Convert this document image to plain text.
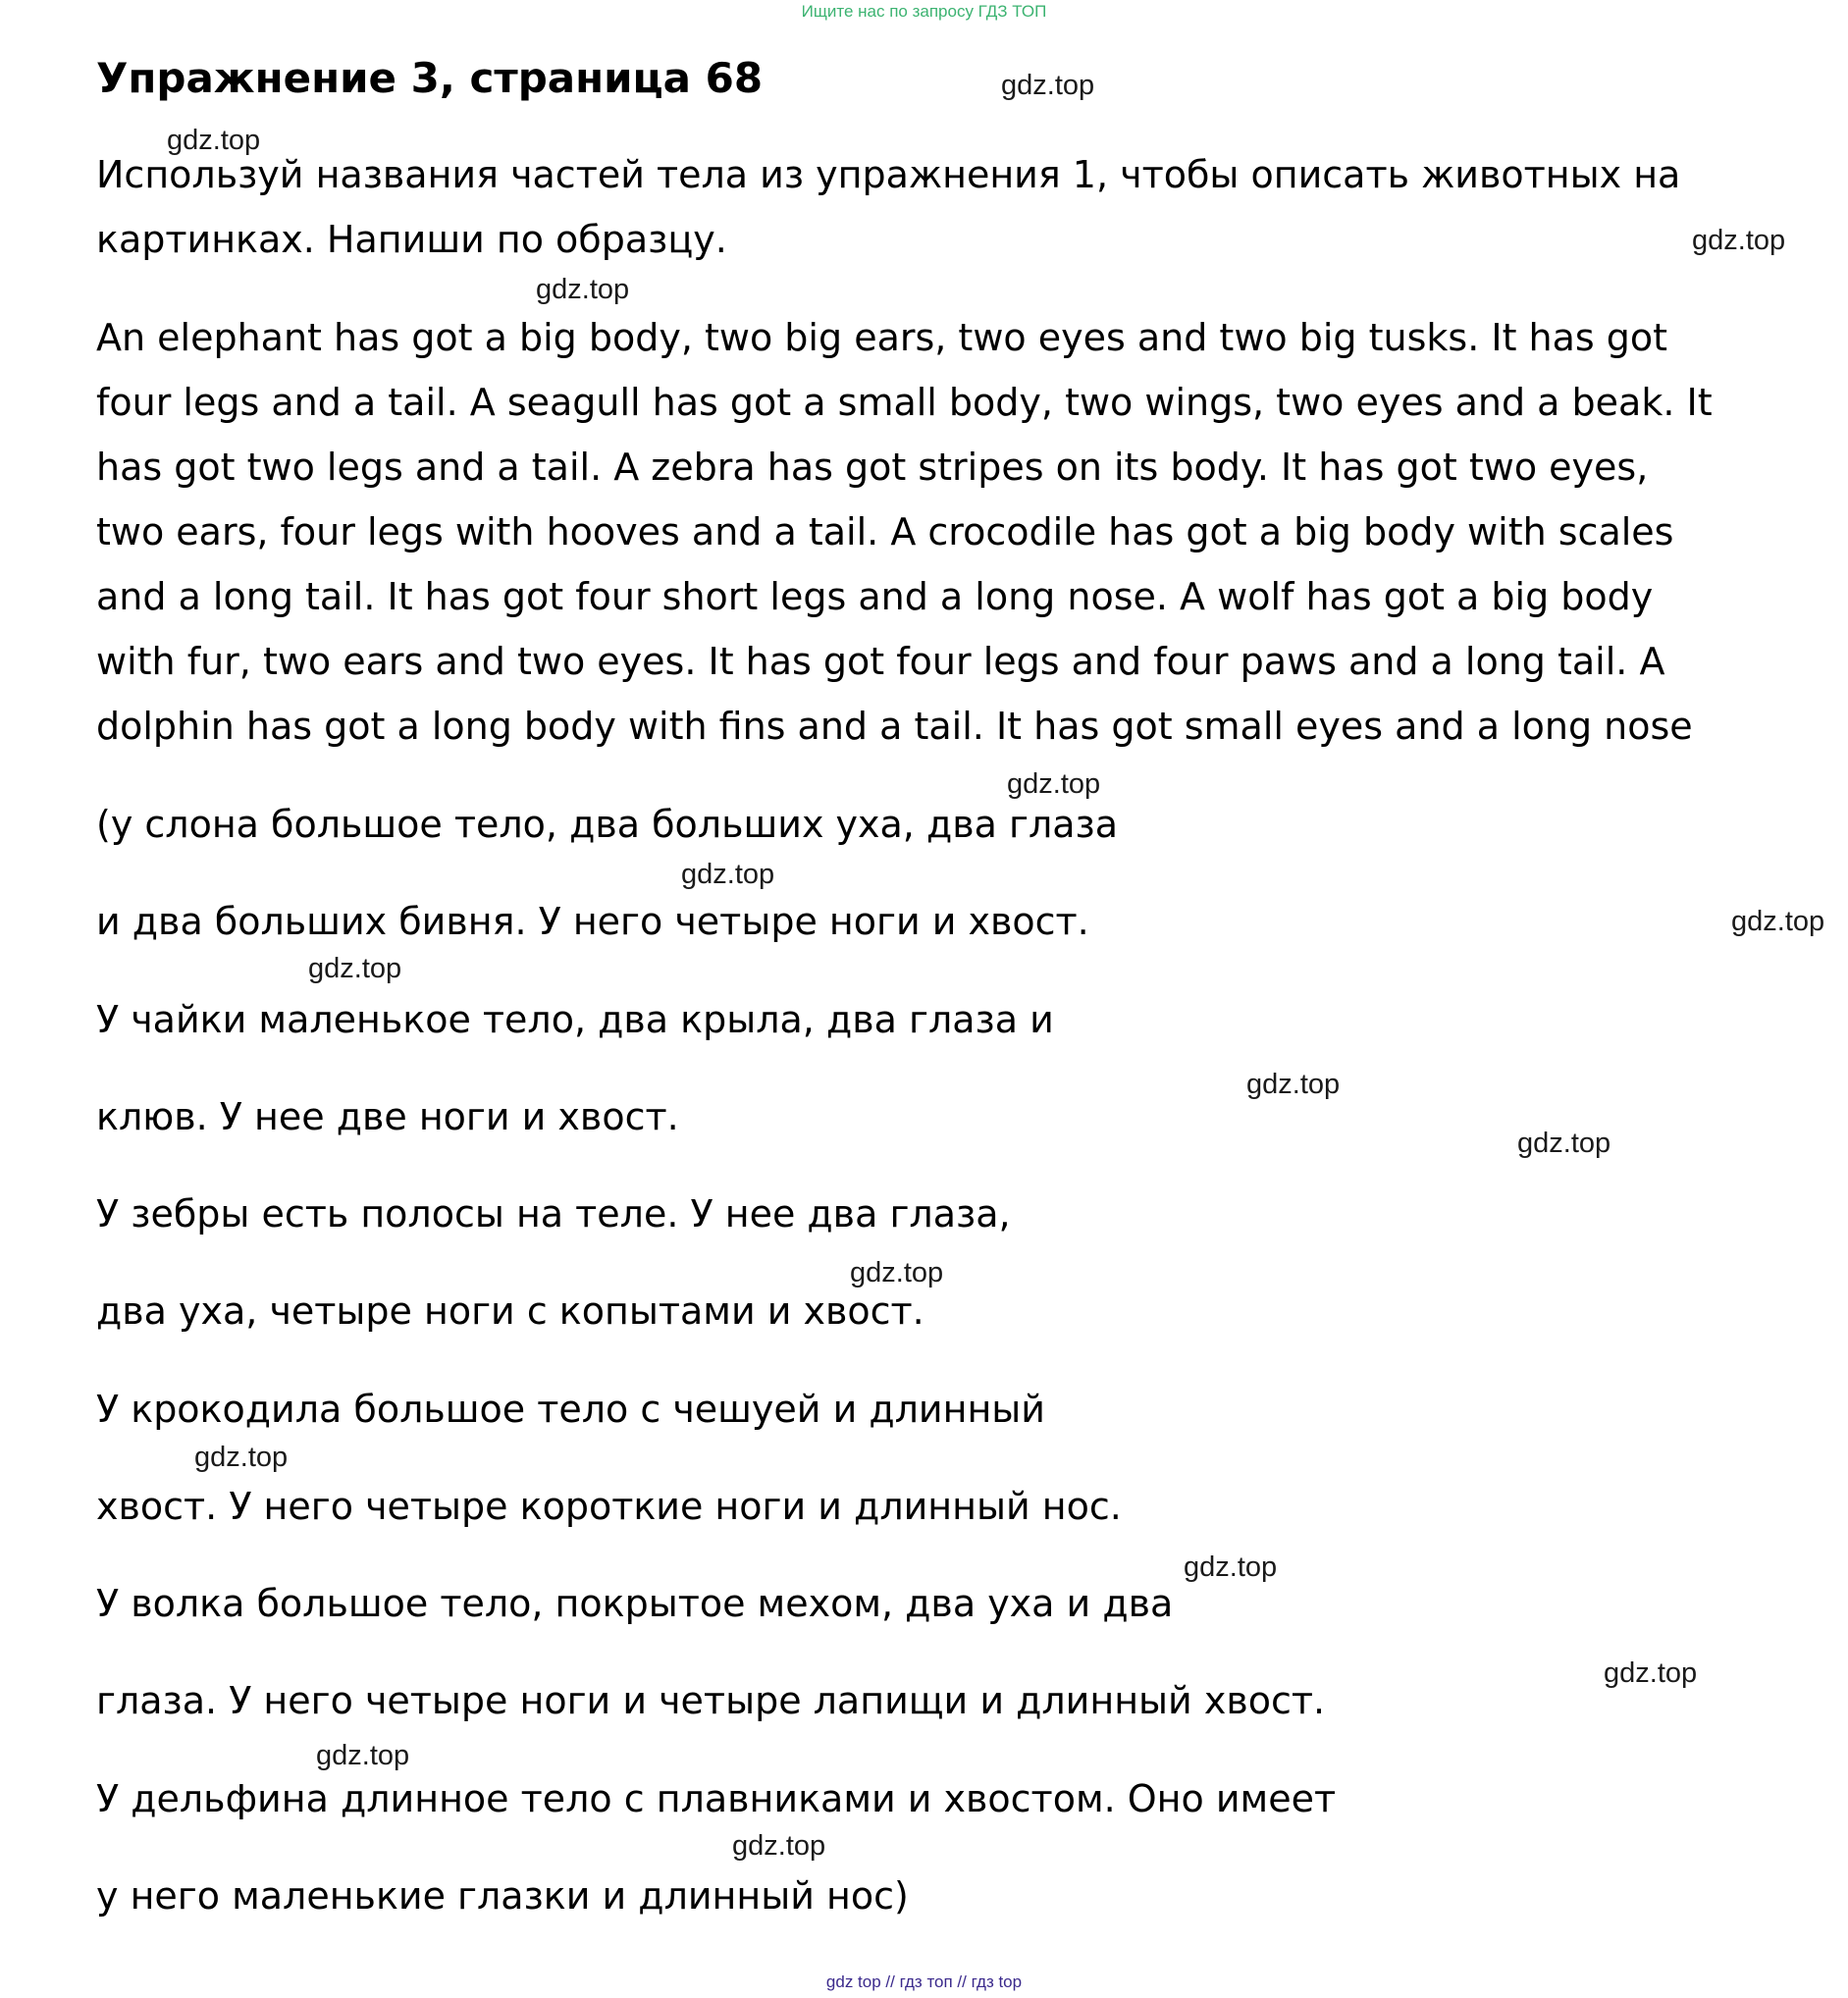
Ищите нас по запросу ГДЗ ТОП
Упражнение 3, страница 68
Используй названия частей тела из упражнения 1, чтобы описать животных на
картинках. Напиши по образцу.
An elephant has got a big body, two big ears, two eyes and two big tusks. It has got
four legs and a tail. A seagull has got a small body, two wings, two eyes and a beak. It
has got two legs and a tail. A zebra has got stripes on its body. It has got two eyes,
two ears, four legs with hooves and a tail. A crocodile has got a big body with scales
and a long tail. It has got four short legs and a long nose. A wolf has got a big body
with fur, two ears and two eyes. It has got four legs and four paws and a long tail. A
dolphin has got a long body with fins and a tail. It has got small eyes and a long nose
(у слона большое тело, два больших уха, два глаза
и два больших бивня. У него четыре ноги и хвост.
У чайки маленькое тело, два крыла, два глаза и
клюв. У нее две ноги и хвост.
У зебры есть полосы на теле. У нее два глаза,
два уха, четыре ноги с копытами и хвост.
У крокодила большое тело с чешуей и длинный
хвост. У него четыре короткие ноги и длинный нос.
У волка большое тело, покрытое мехом, два уха и два
глаза. У него четыре ноги и четыре лапищи и длинный хвост.
У дельфина длинное тело с плавниками и хвостом. Оно имеет
у него маленькие глазки и длинный нос)
gdz.top
gdz.top
gdz.top
gdz.top
gdz.top
gdz.top
gdz.top
gdz.top
gdz.top
gdz.top
gdz.top
gdz.top
gdz.top
gdz.top
gdz.top
gdz.top
gdz top // гдз топ // гдз top
